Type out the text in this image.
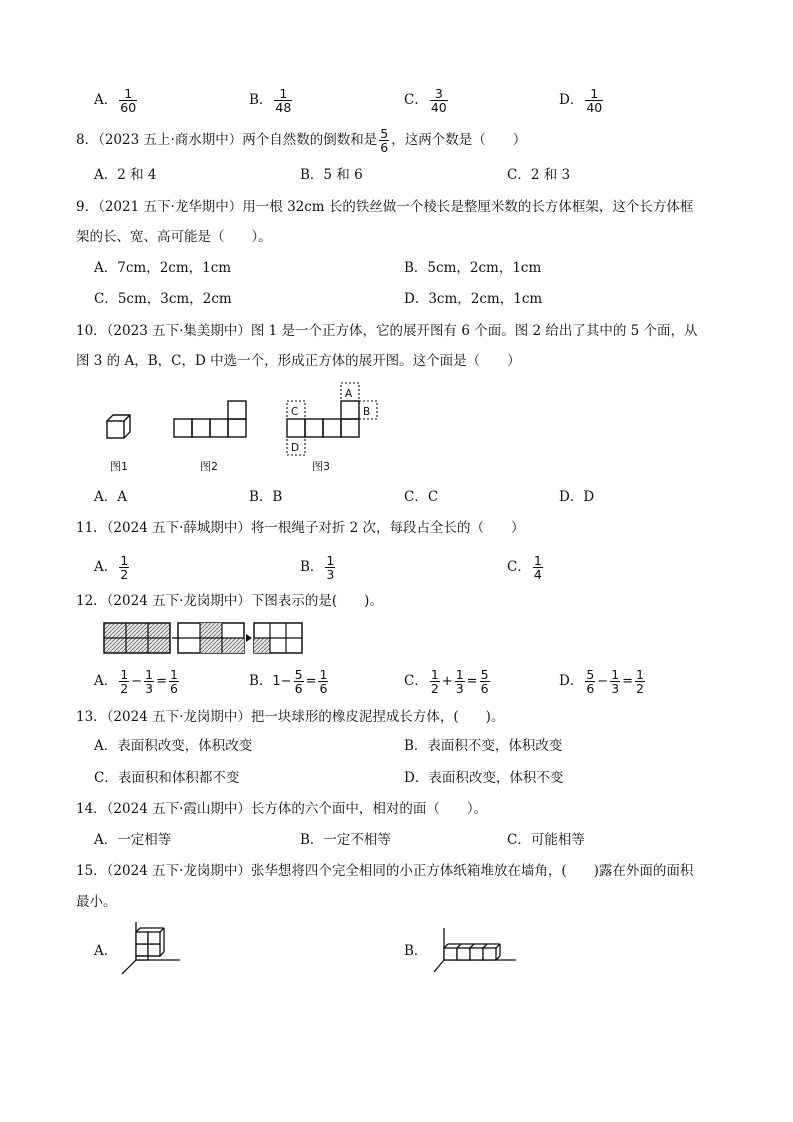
A． $\frac{1}{60}$	B． $\frac{1}{48}$	C． $\frac{3}{40}$	D． $\frac{1}{40}$
8．（2023 五上·商水期中）两个自然数的倒数和是 $\frac{5}{6}$ ，这两个数是（　　）
A．2 和 4	B．5 和 6	C．2 和 3
9．（2021 五下·龙华期中）用一根 32cm 长的铁丝做一个棱长是整厘米数的长方体框架，这个长方体框
架的长、宽、高可能是（　　）。
A．7cm，2cm，1cm	B．5cm，2cm，1cm
C．5cm，3cm，2cm	D．3cm，2cm，1cm
10．（2023 五下·集美期中）图 1 是一个正方体，它的展开图有 6 个面。图 2 给出了其中的 5 个面，从
图 3 的 A，B，C，D 中选一个，形成正方体的展开图。这个面是（　　）
图1	图2
A
B
C
D
图3
A．A	B．B	C．C	D．D
11．（2024 五下·薛城期中）将一根绳子对折 2 次，每段占全长的（　　）
A． $\frac{1}{2}$	B． $\frac{1}{3}$	C． $\frac{1}{4}$
12．（2024 五下·龙岗期中）下图表示的是(　　)。
A． $\frac{1}{2} - \frac{1}{3} = \frac{1}{6}$	B．$1- \frac{5}{6} = \frac{1}{6}$	C． $\frac{1}{2} + \frac{1}{3} = \frac{5}{6}$	D． $\frac{5}{6} - \frac{1}{3} = \frac{1}{2}$
13．（2024 五下·龙岗期中）把一块球形的橡皮泥捏成长方体，(　　)。
A．表面积改变，体积改变	B．表面积不变，体积改变
C．表面积和体积都不变	D．表面积改变，体积不变
14．（2024 五下·霞山期中）长方体的六个面中，相对的面（　　）。
A．一定相等	B．一定不相等	C．可能相等
15．（2024 五下·龙岗期中）张华想将四个完全相同的小正方体纸箱堆放在墙角，(　　)露在外面的面积
最小。
A．	B．
